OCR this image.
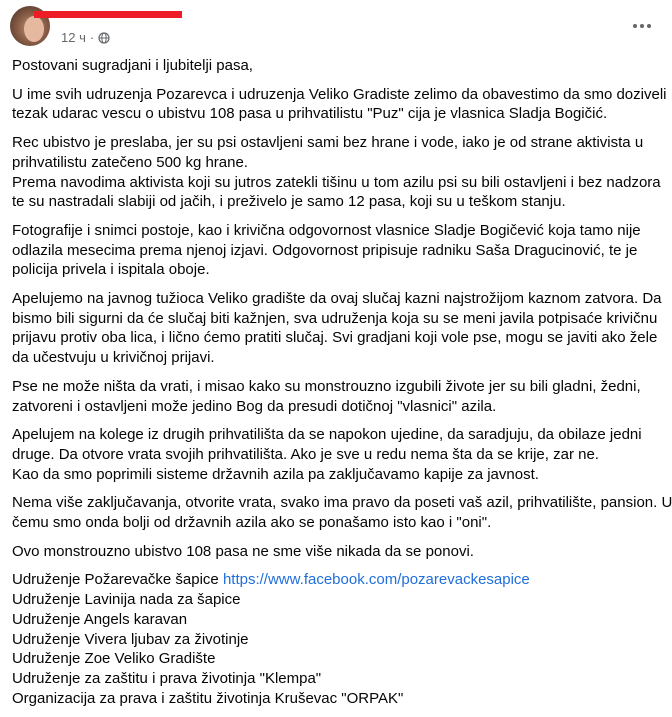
12 ч ·

Postovani sugradjani i ljubitelji pasa,

U ime svih udruzenja Pozarevca i udruzenja Veliko Gradiste zelimo da obavestimo da smo doziveli
tezak udarac vescu o ubistvu 108 pasa u prihvatilistu "Puz" cija je vlasnica Sladja Bogičić.

Rec ubistvo je preslaba, jer su psi ostavljeni sami bez hrane i vode, iako je od strane aktivista u
prihvatilistu zatečeno 500 kg hrane.
Prema navodima aktivista koji su jutros zatekli tišinu u tom azilu psi su bili ostavljeni i bez nadzora
te su nastradali slabiji od jačih, i preživelo je samo 12 pasa, koji su u teškom stanju.

Fotografije i snimci postoje, kao i krivična odgovornost vlasnice Sladje Bogičević koja tamo nije
odlazila mesecima prema njenoj izjavi. Odgovornost pripisuje radniku Saša Dragucinović, te je
policija privela i ispitala oboje.

Apelujemo na javnog tužioca Veliko gradište da ovaj slučaj kazni najstrožijom kaznom zatvora. Da
bismo bili sigurni da će slučaj biti kažnjen, sva udruženja koja su se meni javila potpisaće krivičnu
prijavu protiv oba lica, i lično ćemo pratiti slučaj. Svi gradjani koji vole pse, mogu se javiti ako žele
da učestvuju u krivičnoj prijavi.

Pse ne može ništa da vrati, i misao kako su monstrouzno izgubili živote jer su bili gladni, žedni,
zatvoreni i ostavljeni može jedino Bog da presudi dotičnoj "vlasnici" azila.

Apelujem na kolege iz drugih prihvatilišta da se napokon ujedine, da saradjuju, da obilaze jedni
druge. Da otvore vrata svojih prihvatilišta. Ako je sve u redu nema šta da se krije, zar ne.
Kao da smo poprimili sisteme državnih azila pa zaključavamo kapije za javnost.

Nema više zaključavanja, otvorite vrata, svako ima pravo da poseti vaš azil, prihvatilište, pansion. U
čemu smo onda bolji od državnih azila ako se ponašamo isto kao i "oni".

Ovo monstrouzno ubistvo 108 pasa ne sme više nikada da se ponovi.

Udruženje Požarevačke šapice https://www.facebook.com/pozarevackesapice
Udruženje Lavinija nada za šapice
Udruženje Angels karavan
Udruženje Vivera ljubav za životinje
Udruženje Zoe Veliko Gradište
Udruženje za zaštitu i prava životinja "Klempa"
Organizacija za prava i zaštitu životinja Kruševac "ORPAK"
